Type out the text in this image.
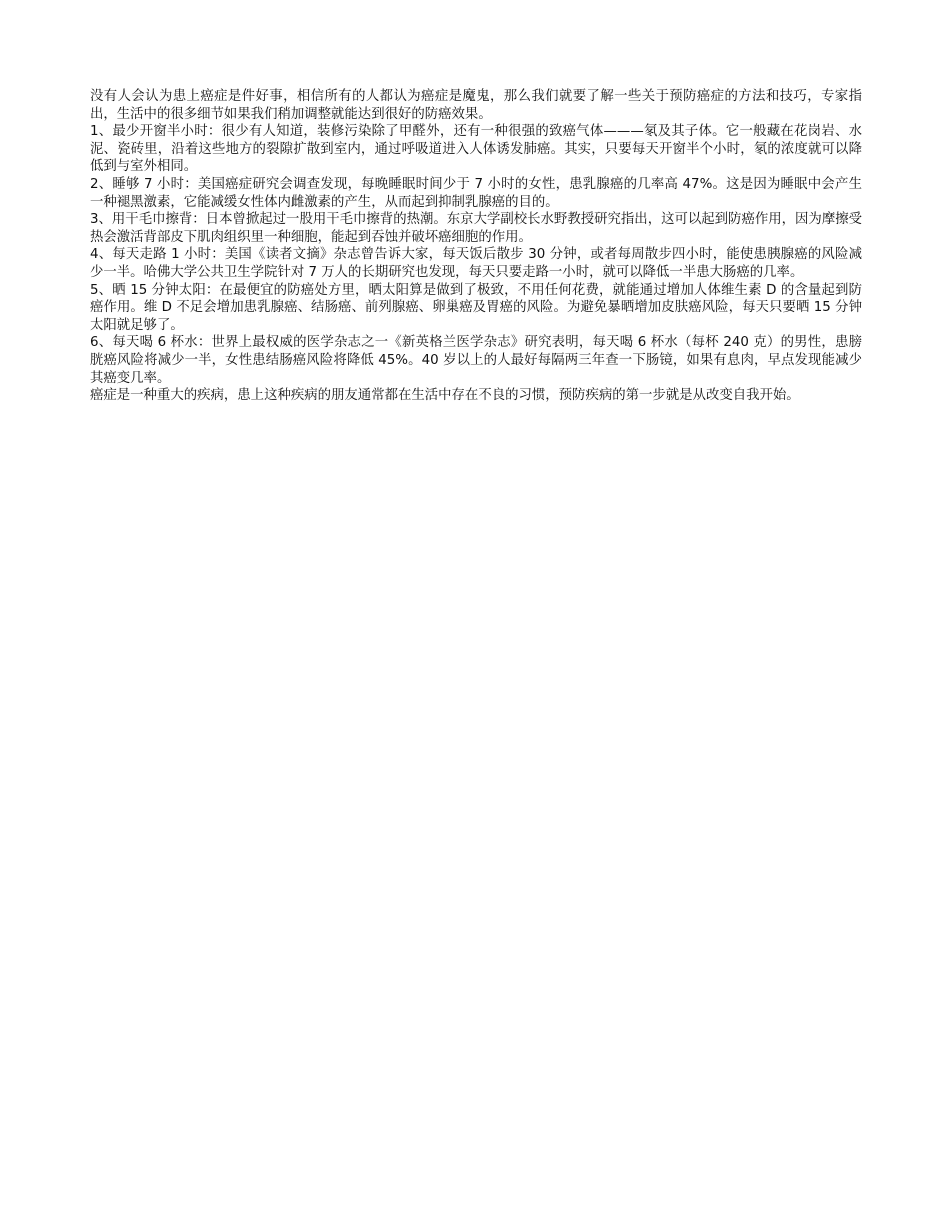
没有人会认为患上癌症是件好事，相信所有的人都认为癌症是魔鬼，那么我们就要了解一些关于预防癌症的方法和技巧，专家指出，生活中的很多细节如果我们稍加调整就能达到很好的防癌效果。

1、最少开窗半小时：很少有人知道，装修污染除了甲醛外，还有一种很强的致癌气体———氡及其子体。它一般藏在花岗岩、水泥、瓷砖里，沿着这些地方的裂隙扩散到室内，通过呼吸道进入人体诱发肺癌。其实，只要每天开窗半个小时，氡的浓度就可以降低到与室外相同。

2、睡够 7 小时：美国癌症研究会调查发现，每晚睡眠时间少于 7 小时的女性，患乳腺癌的几率高 47%。这是因为睡眠中会产生一种褪黑激素，它能减缓女性体内雌激素的产生，从而起到抑制乳腺癌的目的。

3、用干毛巾擦背：日本曾掀起过一股用干毛巾擦背的热潮。东京大学副校长水野教授研究指出，这可以起到防癌作用，因为摩擦受热会激活背部皮下肌肉组织里一种细胞，能起到吞蚀并破坏癌细胞的作用。

4、每天走路 1 小时：美国《读者文摘》杂志曾告诉大家，每天饭后散步 30 分钟，或者每周散步四小时，能使患胰腺癌的风险减少一半。哈佛大学公共卫生学院针对 7 万人的长期研究也发现，每天只要走路一小时，就可以降低一半患大肠癌的几率。

5、晒 15 分钟太阳：在最便宜的防癌处方里，晒太阳算是做到了极致，不用任何花费，就能通过增加人体维生素 D 的含量起到防癌作用。维 D 不足会增加患乳腺癌、结肠癌、前列腺癌、卵巢癌及胃癌的风险。为避免暴晒增加皮肤癌风险，每天只要晒 15 分钟太阳就足够了。

6、每天喝 6 杯水：世界上最权威的医学杂志之一《新英格兰医学杂志》研究表明，每天喝 6 杯水（每杯 240 克）的男性，患膀胱癌风险将减少一半，女性患结肠癌风险将降低 45%。40 岁以上的人最好每隔两三年查一下肠镜，如果有息肉，早点发现能减少其癌变几率。

癌症是一种重大的疾病，患上这种疾病的朋友通常都在生活中存在不良的习惯，预防疾病的第一步就是从改变自我开始。
